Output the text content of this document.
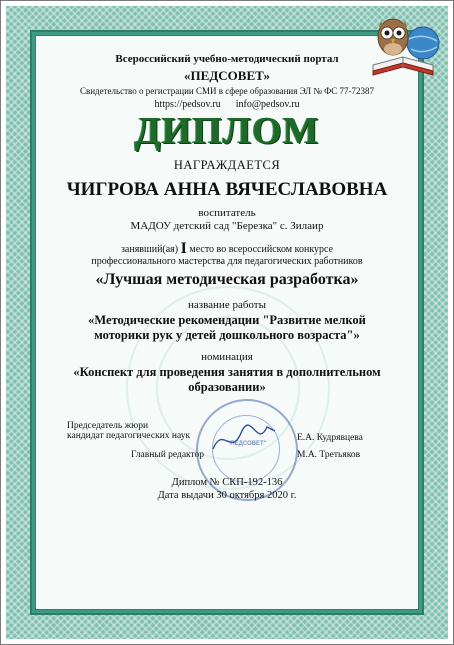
Всероссийский учебно-методический портал
«ПЕДСОВЕТ»
Свидетельство о регистрации СМИ в сфере образования ЭЛ № ФС 77-72387
https://pedsov.ru info@pedsov.ru
ДИПЛОМ
НАГРАЖДАЕТСЯ
ЧИГРОВА АННА ВЯЧЕСЛАВОВНА
воспитатель
МАДОУ детский сад "Березка" с. Зилаир
занявший(ая) I место во всероссийском конкурсе
профессионального мастерства для педагогических работников
«Лучшая методическая разработка»
название работы
«Методические рекомендации "Развитие мелкой
моторики рук у детей дошкольного возраста"»
номинация
«Конспект для проведения занятия в дополнительном
образовании»
"ПЕДСОВЕТ"
Председатель жюри
кандидат педагогических наук	Е.А. Кудрявцева
Главный редактор	М.А. Третьяков
Диплом № СКП-192-136
Дата выдачи 30 октября 2020 г.
